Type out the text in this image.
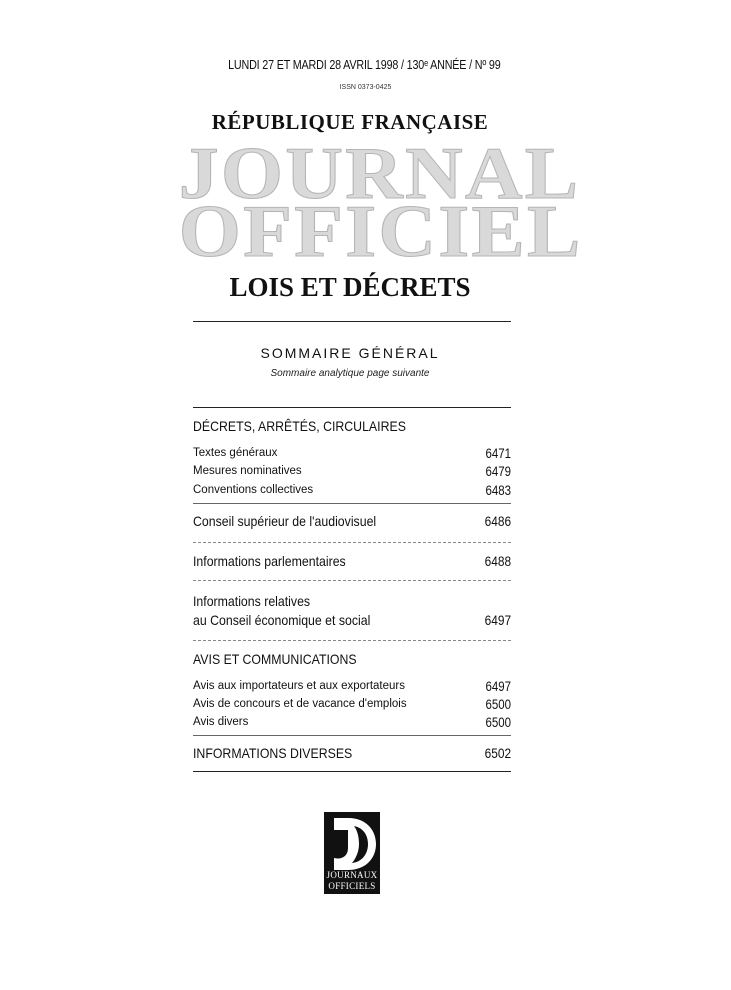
LUNDI 27 ET MARDI 28 AVRIL 1998 / 130ᵉ ANNÉE / Nº 99
ISSN 0373-0425
RÉPUBLIQUE FRANÇAISE
JOURNAL
OFFICIEL
LOIS ET DÉCRETS
SOMMAIRE GÉNÉRAL
Sommaire analytique page suivante
DÉCRETS, ARRÊTÉS, CIRCULAIRES
Textes généraux	6471
Mesures nominatives	6479
Conventions collectives	6483
Conseil supérieur de l'audiovisuel	6486
Informations parlementaires	6488
Informations relatives
au Conseil économique et social	6497
AVIS ET COMMUNICATIONS
Avis aux importateurs et aux exportateurs	6497
Avis de concours et de vacance d'emplois	6500
Avis divers	6500
INFORMATIONS DIVERSES	6502
JOURNAUX
OFFICIELS
